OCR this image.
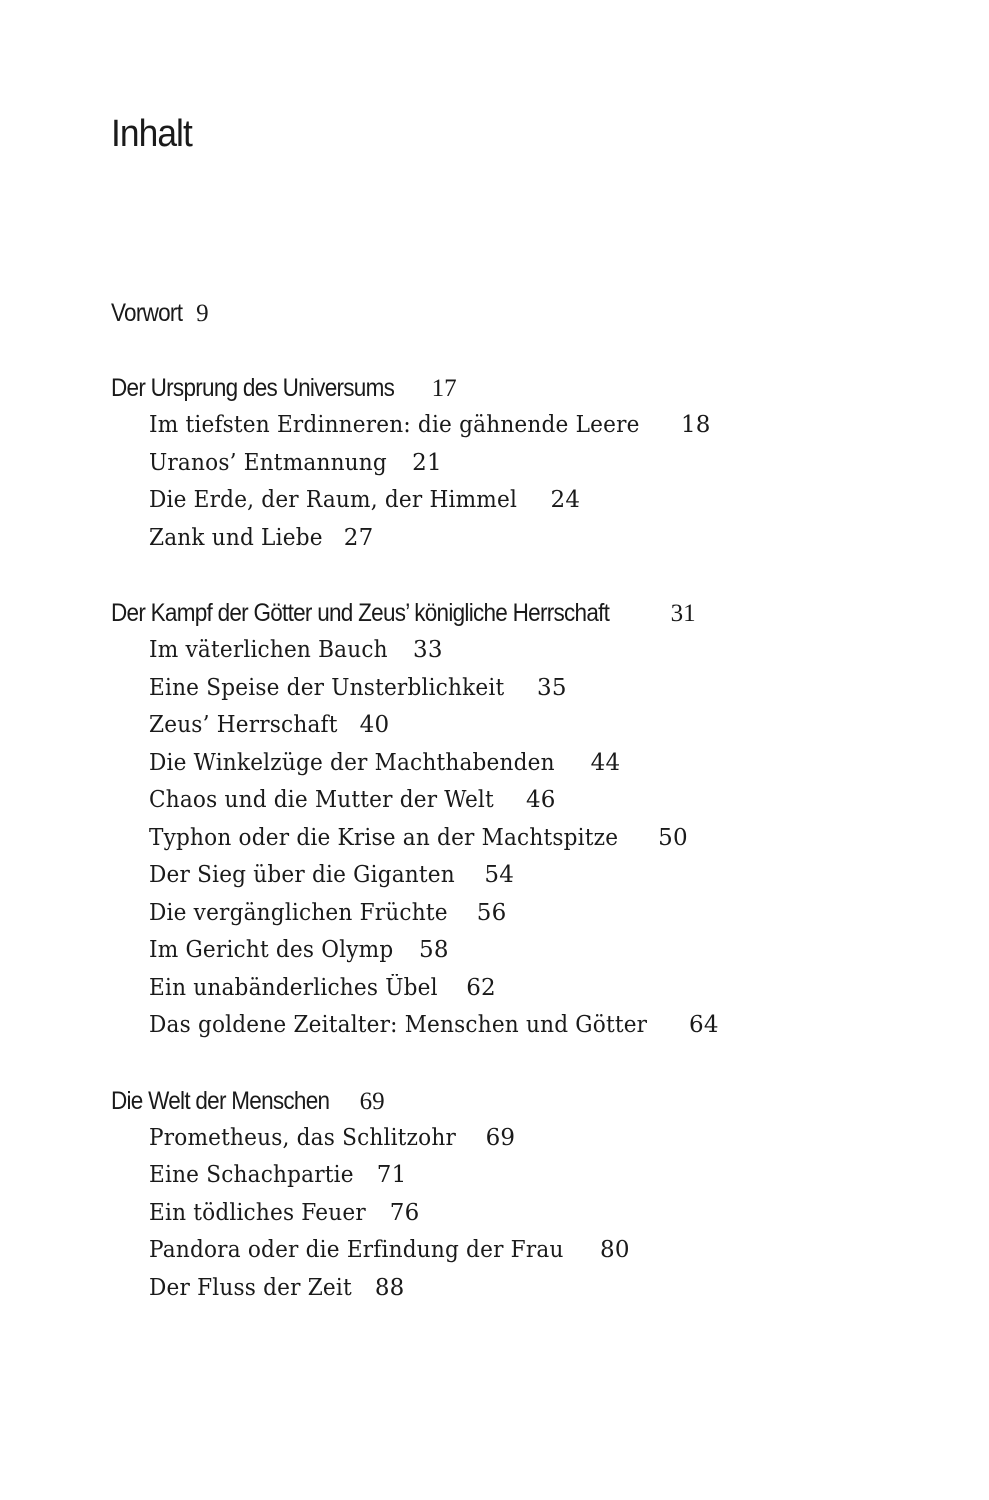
Inhalt
Vorwort 9
Der Ursprung des Universums 17
Im tiefsten Erdinneren: die gähnende Leere 18
Uranos’ Entmannung 21
Die Erde, der Raum, der Himmel 24
Zank und Liebe 27
Der Kampf der Götter und Zeus’ königliche Herrschaft 31
Im väterlichen Bauch 33
Eine Speise der Unsterblichkeit 35
Zeus’ Herrschaft 40
Die Winkelzüge der Machthabenden 44
Chaos und die Mutter der Welt 46
Typhon oder die Krise an der Machtspitze 50
Der Sieg über die Giganten 54
Die vergänglichen Früchte 56
Im Gericht des Olymp 58
Ein unabänderliches Übel 62
Das goldene Zeitalter: Menschen und Götter 64
Die Welt der Menschen 69
Prometheus, das Schlitzohr 69
Eine Schachpartie 71
Ein tödliches Feuer 76
Pandora oder die Erfindung der Frau 80
Der Fluss der Zeit 88
